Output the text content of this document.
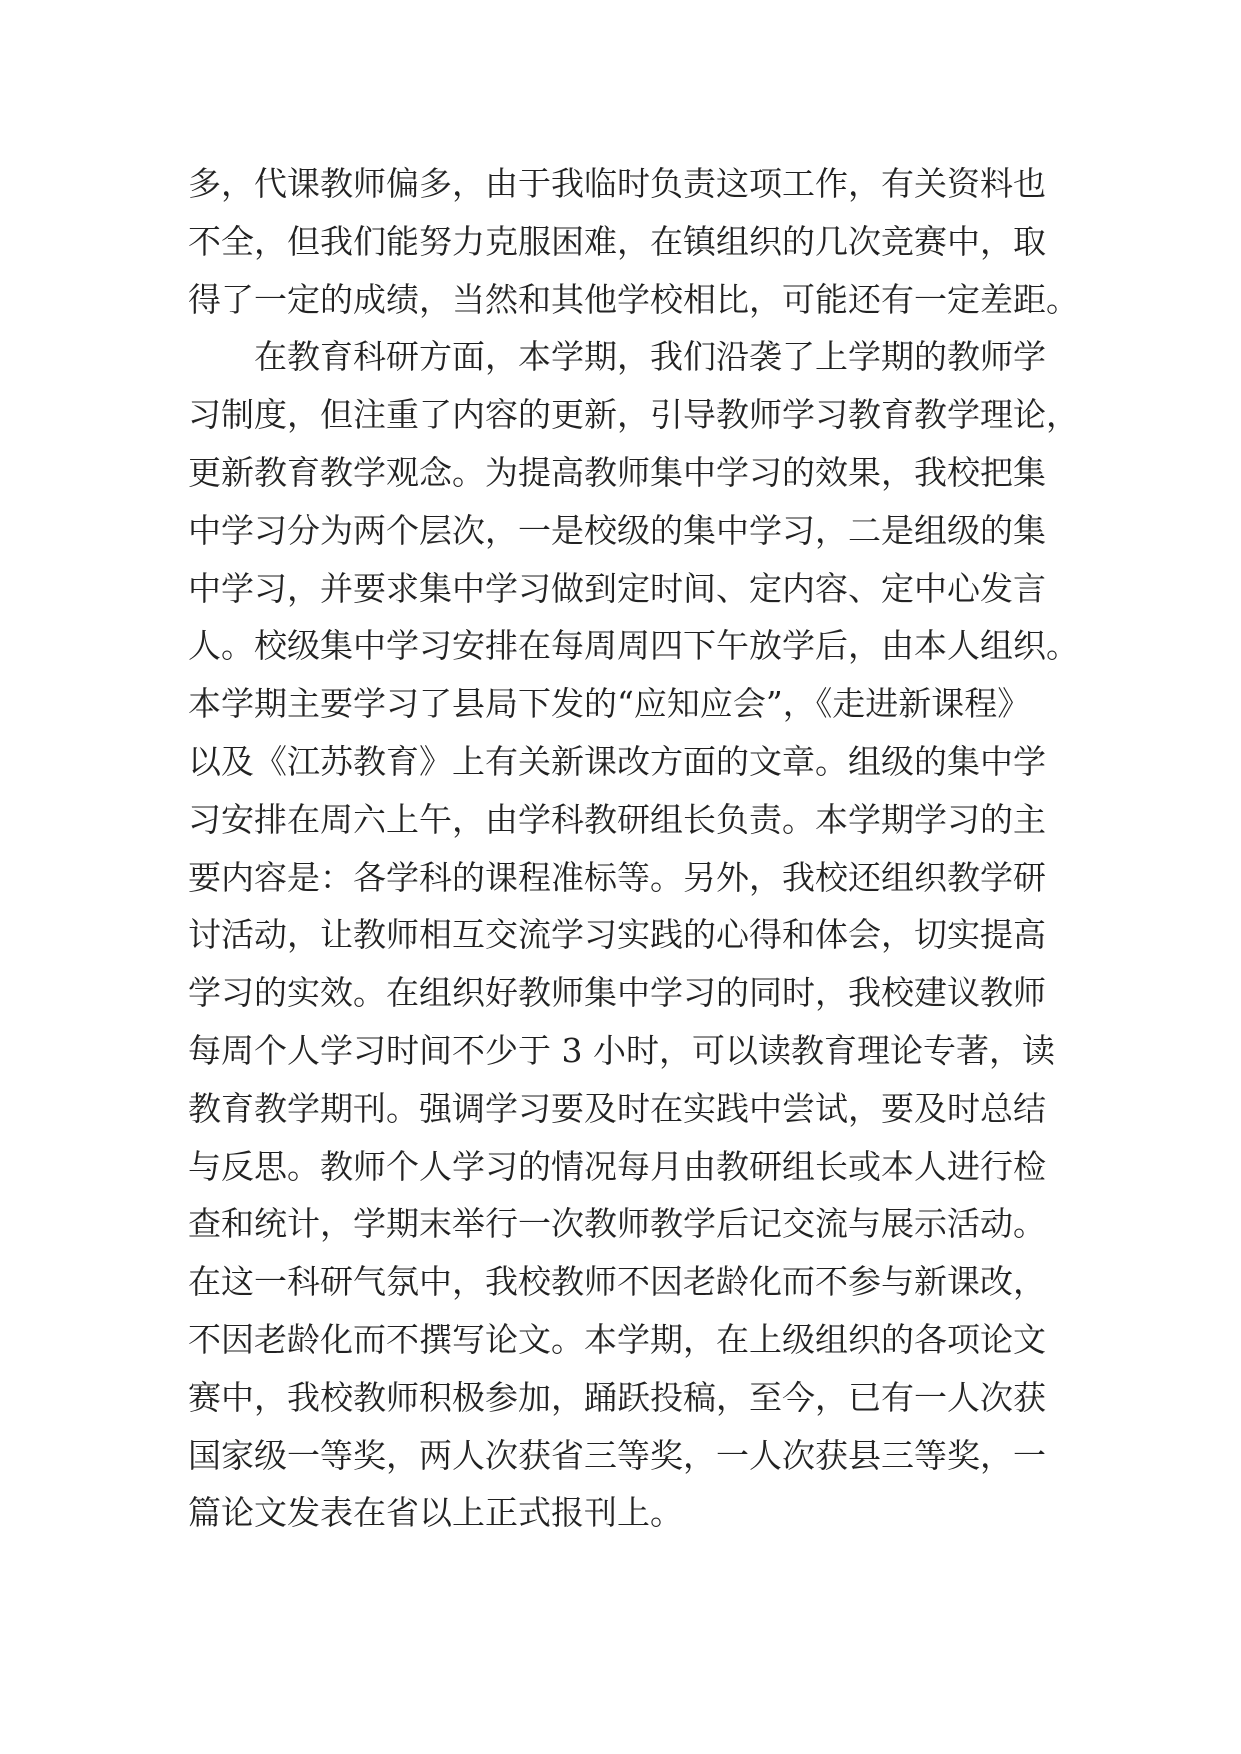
多，代课教师偏多，由于我临时负责这项工作，有关资料也
不全，但我们能努力克服困难，在镇组织的几次竞赛中，取
得了一定的成绩，当然和其他学校相比，可能还有一定差距。
　　在教育科研方面，本学期，我们沿袭了上学期的教师学
习制度，但注重了内容的更新，引导教师学习教育教学理论，
更新教育教学观念。为提高教师集中学习的效果，我校把集
中学习分为两个层次，一是校级的集中学习，二是组级的集
中学习，并要求集中学习做到定时间、定内容、定中心发言
人。校级集中学习安排在每周周四下午放学后，由本人组织。
本学期主要学习了县局下发的“应知应会”，《走进新课程》
以及《江苏教育》上有关新课改方面的文章。组级的集中学
习安排在周六上午，由学科教研组长负责。本学期学习的主
要内容是：各学科的课程准标等。另外，我校还组织教学研
讨活动，让教师相互交流学习实践的心得和体会，切实提高
学习的实效。在组织好教师集中学习的同时，我校建议教师
每周个人学习时间不少于 3 小时，可以读教育理论专著，读
教育教学期刊。强调学习要及时在实践中尝试，要及时总结
与反思。教师个人学习的情况每月由教研组长或本人进行检
查和统计，学期末举行一次教师教学后记交流与展示活动。
在这一科研气氛中，我校教师不因老龄化而不参与新课改，
不因老龄化而不撰写论文。本学期，在上级组织的各项论文
赛中，我校教师积极参加，踊跃投稿，至今，已有一人次获
国家级一等奖，两人次获省三等奖，一人次获县三等奖，一
篇论文发表在省以上正式报刊上。
